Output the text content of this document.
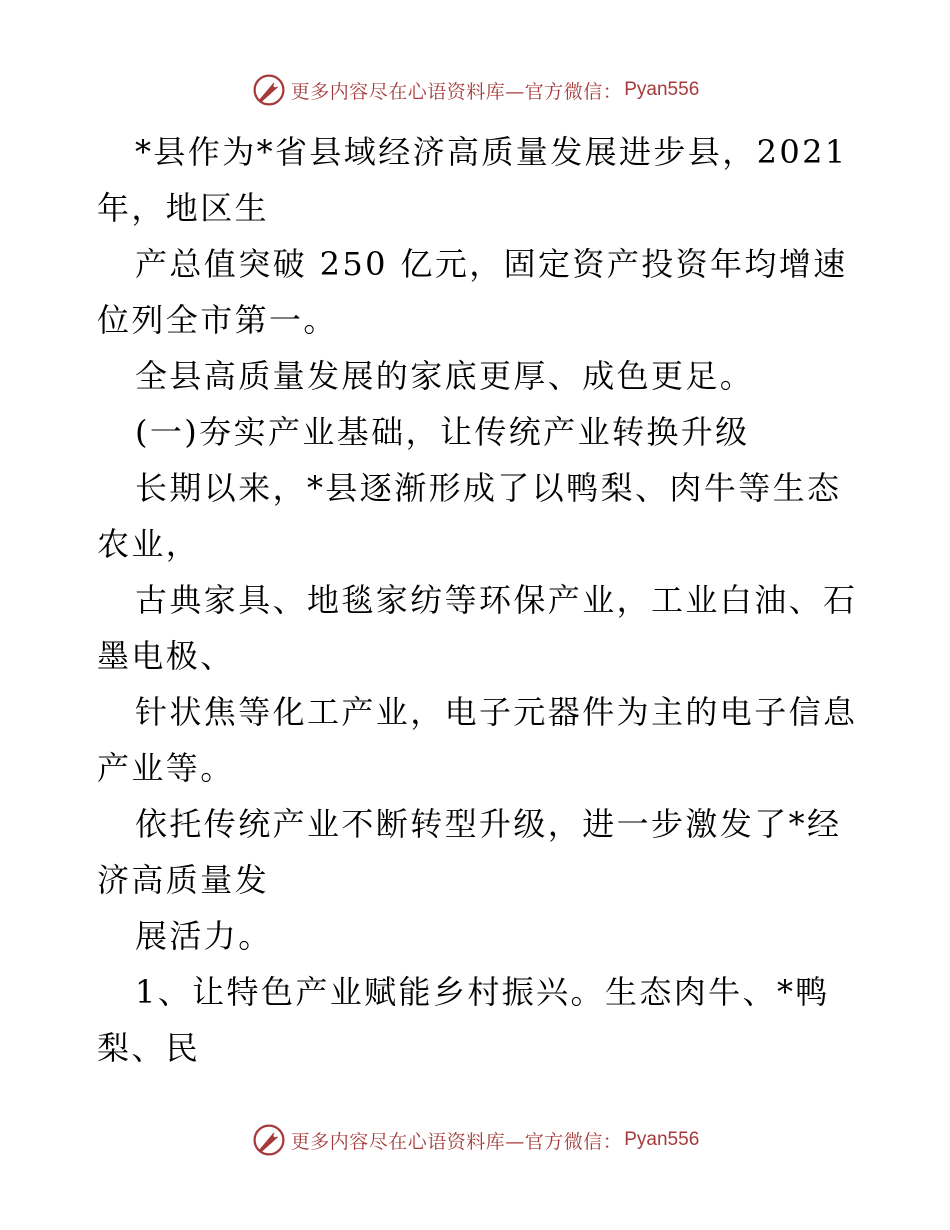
更多内容尽在心语资料库—官方微信： Pyan556
*县作为*省县域经济高质量发展进步县，2021
年，地区生
产总值突破 250 亿元，固定资产投资年均增速
位列全市第一。
全县高质量发展的家底更厚、成色更足。
(一)夯实产业基础，让传统产业转换升级
长期以来，*县逐渐形成了以鸭梨、肉牛等生态
农业，
古典家具、地毯家纺等环保产业，工业白油、石
墨电极、
针状焦等化工产业，电子元器件为主的电子信息
产业等。
依托传统产业不断转型升级，进一步激发了*经
济高质量发
展活力。
1、让特色产业赋能乡村振兴。生态肉牛、*鸭
梨、民
更多内容尽在心语资料库—官方微信： Pyan556
